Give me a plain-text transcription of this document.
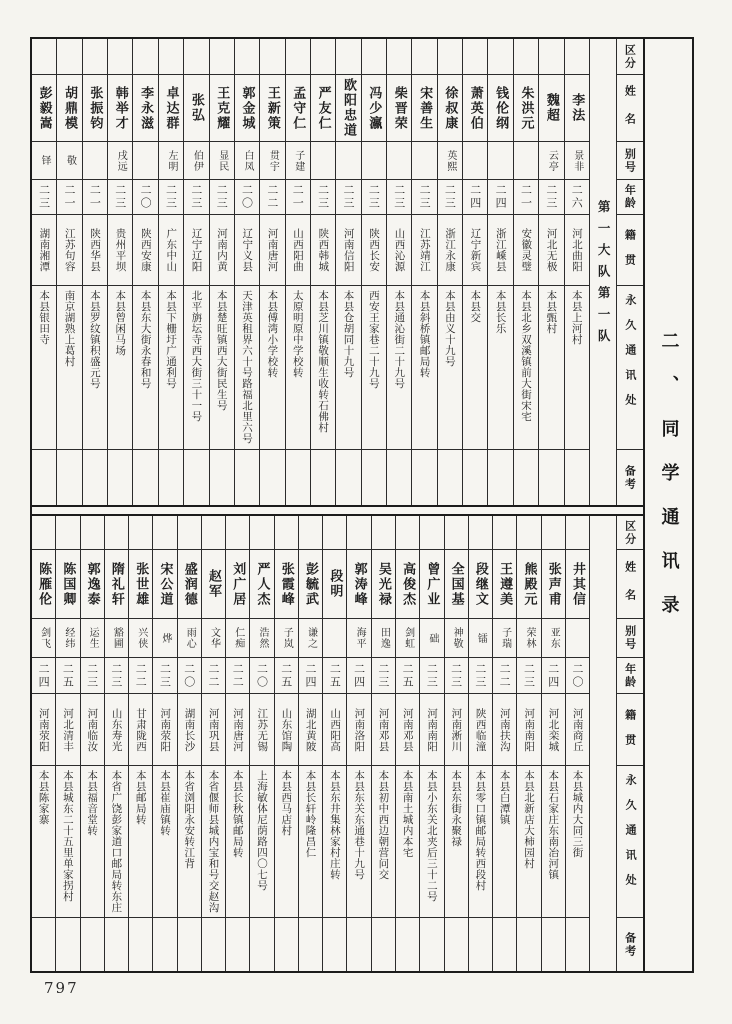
彭毅嵩
铎
二三
湖南湘潭
本县银田寺
胡鼎模
敬
二一
江苏句容
南京湖熟上葛村
张振钧
二一
陕西华县
本县罗纹镇积盛元号
韩举才
戌远
二三
贵州平坝
本县曾闲马场
李永滋
二〇
陕西安康
本县东大街永春和号
卓达群
左明
二三
广东中山
本县下栅圩广通利号
张弘
伯伊
二三
辽宁辽阳
北平旃坛寺西大街三十一号
王克耀
显民
二三
河南内黄
本县楚旺镇西大街民生号
郭金城
白凤
二〇
辽宁义县
天津英租界六十号路福北里六号
王新策
贯宇
二二
河南唐河
本县傅湾小学校转
孟守仁
子建
二一
山西阳曲
太原明原中学校转
严友仁
二三
陕西韩城
本县芝川镇敬顺生收转石佛村
欧阳忠道
二三
河南信阳
本县仓胡同十九号
冯少瀛
二三
陕西长安
西安王家巷二十九号
柴晋荣
二三
山西沁源
本县通沁街二十九号
宋善生
二三
江苏靖江
本县斜桥镇邮局转
徐叔康
英熙
二三
浙江永康
本县由义十九号
萧英伯
二四
辽宁新宾
本县交
钱伦纲
二四
浙江嵊县
本县长乐
朱洪元
二一
安徽灵璧
本县北乡双溪镇前大街宋宅
魏超
云亭
二三
河北无极
本县甄村
李法
景非
二六
河北曲阳
本县上河村 第一大队第一队
区分
姓名
别号
年龄
籍贯
永久通讯处
备考
陈雁伦
剑飞
二四
河南荥阳
本县陈家寨
陈国卿
经纬
二五
河北清丰
本县城东二十五里单家拐村
郭逸泰
运生
二三
河南临汝
本县福音堂转
隋礼轩
豁圃
二三
山东寿光
本省广饶彭家道口邮局转东庄
张世雄
兴侠
二二
甘肃陇西
本县邮局转
宋公道
烨
二三
河南荥阳
本县崔庙镇转
盛润德
雨心
二〇
湖南长沙
本省浏阳永安转江背
赵军
文华
二二
河南巩县
本省偃师县城内宝和号交赵沟
刘广居
仁痴
二二
河南唐河
本县长秋镇邮局转
严人杰
浩然
二〇
江苏无锡
上海敏体尼荫路四〇七号
张霞峰
子岚
二五
山东馆陶
本县西马店村
彭毓武
谦之
二四
湖北黄陂
本县长轩岭隆昌仁
段明
二五
山西阳高
本县东井集林家村庄转
郭涛峰
海平
二四
河南洛阳
本县东关东通巷十九号
吴光禄
田逸
二三
河南邓县
本县初中西边朝营问交
高俊杰
剑虹
二五
河南邓县
本县南土城内本宅
曾广业
础
二三
河南南阳
本县小东关北夹后三十二号
全国基
神敬
二三
河南淅川
本县东街永聚禄
段继文
镭
二三
陕西临潼
本县零口镇邮局转西段村
王遵美
子瑞
二二
河南扶沟
本县白潭镇
熊殿元
荣林
二三
河南南阳
本县北新店大柿园村
张声甫
亚东
二四
河北栾城
本县石家庄东南冶河镇
井其信
二〇
河南商丘
本县城内大同三街
区分
姓名
别号
年龄
籍贯
永久通讯处
备考
二、同学通讯录
797
